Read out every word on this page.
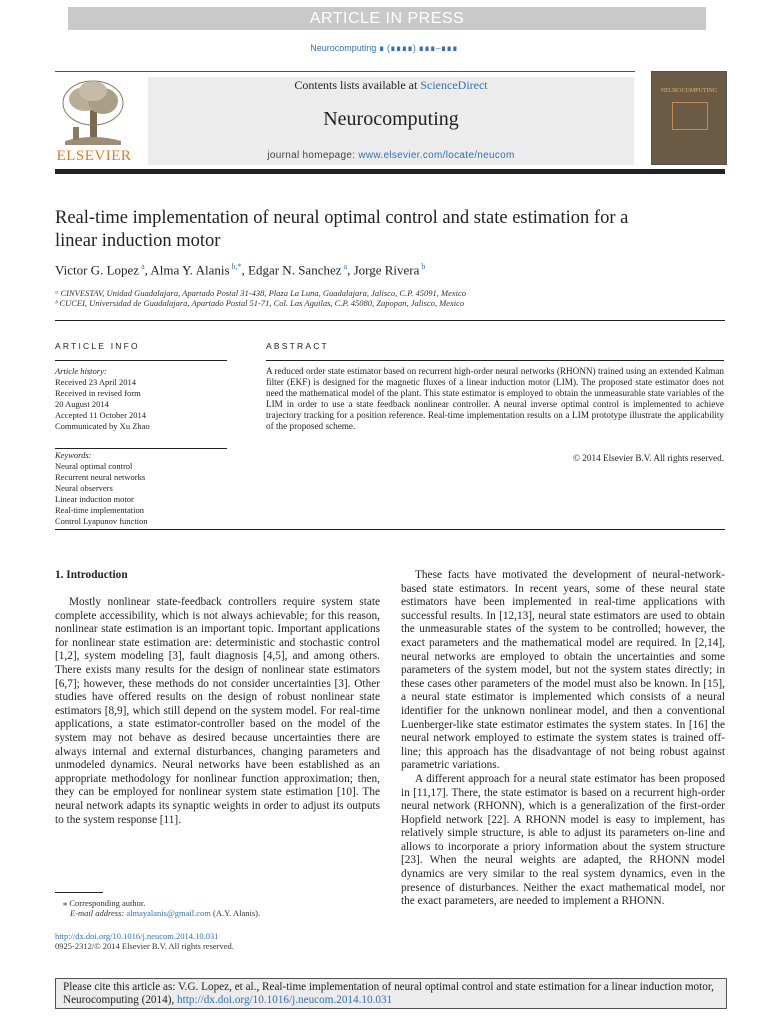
ARTICLE IN PRESS
Neurocomputing ∎ (∎∎∎∎) ∎∎∎–∎∎∎
ELSEVIER
Contents lists available at ScienceDirect
Neurocomputing
journal homepage: www.elsevier.com/locate/neucom
NEUROCOMPUTING
Real-time implementation of neural optimal control and state estimation for a linear induction motor
Victor G. Lopez $^a$, Alma Y. Alanis $^{b,*}$, Edgar N. Sanchez $^a$, Jorge Rivera $^b$
ᵃ CINVESTAV, Unidad Guadalajara, Apartado Postal 31-438, Plaza La Luna, Guadalajara, Jalisco, C.P. 45091, Mexico
ᵇ CUCEI, Universidad de Guadalajara, Apartado Postal 51-71, Col. Las Aguilas, C.P. 45080, Zapopan, Jalisco, Mexico
ARTICLE INFO
Article history:
Received 23 April 2014
Received in revised form
20 August 2014
Accepted 11 October 2014
Communicated by Xu Zhao
Keywords:
Neural optimal control
Recurrent neural networks
Neural observers
Linear induction motor
Real-time implementation
Control Lyapunov function
ABSTRACT
A reduced order state estimator based on recurrent high-order neural networks (RHONN) trained using an extended Kalman filter (EKF) is designed for the magnetic fluxes of a linear induction motor (LIM). The proposed state estimator does not need the mathematical model of the plant. This state estimator is employed to obtain the unmeasurable state variables of the LIM in order to use a state feedback nonlinear controller. A neural inverse optimal control is implemented to achieve trajectory tracking for a position reference. Real-time implementation results on a LIM prototype illustrate the applicability of the proposed scheme.
© 2014 Elsevier B.V. All rights reserved.
1. Introduction

Mostly nonlinear state-feedback controllers require system state complete accessibility, which is not always achievable; for this reason, nonlinear state estimation is an important topic. Important applications for nonlinear state estimation are: deterministic and stochastic control [1,2], system modeling [3], fault diagnosis [4,5], and among others. There exists many results for the design of nonlinear state estimators [6,7]; however, these methods do not consider uncertainties [3]. Other studies have offered results on the design of robust nonlinear state estimators [8,9], which still depend on the system model. For real-time applications, a state estimator-controller based on the model of the system may not behave as desired because uncertainties there are always internal and external disturbances, changing parameters and unmodeled dynamics. Neural networks have been established as an appropriate methodology for nonlinear function approximation; then, they can be employed for nonlinear system state estimation [10]. The neural network adapts its synaptic weights in order to adjust its outputs to the system response [11].

These facts have motivated the development of neural-network-based state estimators. In recent years, some of these neural state estimators have been implemented in real-time applications with successful results. In [12,13], neural state estimators are used to obtain the unmeasurable states of the system to be controlled; however, the exact parameters and the mathematical model are required. In [2,14], neural networks are employed to obtain the uncertainties and some parameters of the system model, but not the system states directly; in these cases other parameters of the model must also be known. In [15], a neural state estimator is implemented which consists of a neural identifier for the unknown nonlinear model, and then a conventional Luenberger-like state estimator estimates the system states. In [16] the neural network employed to estimate the system states is trained off-line; this approach has the disadvantage of not being robust against parametric variations.

A different approach for a neural state estimator has been proposed in [11,17]. There, the state estimator is based on a recurrent high-order neural network (RHONN), which is a generalization of the first-order Hopfield network [22]. A RHONN model is easy to implement, has relatively simple structure, is able to adjust its parameters on-line and allows to incorporate a priory information about the system structure [23]. When the neural weights are adapted, the RHONN model dynamics are very similar to the real system dynamics, even in the presence of disturbances. Neither the exact mathematical model, nor the exact parameters, are needed to implement a RHONN.

⁎ Corresponding author.
E-mail address: almayalanis@gmail.com (A.Y. Alanis).
http://dx.doi.org/10.1016/j.neucom.2014.10.031
0925-2312/© 2014 Elsevier B.V. All rights reserved.
Please cite this article as: V.G. Lopez, et al., Real-time implementation of neural optimal control and state estimation for a linear induction motor, Neurocomputing (2014), http://dx.doi.org/10.1016/j.neucom.2014.10.031
